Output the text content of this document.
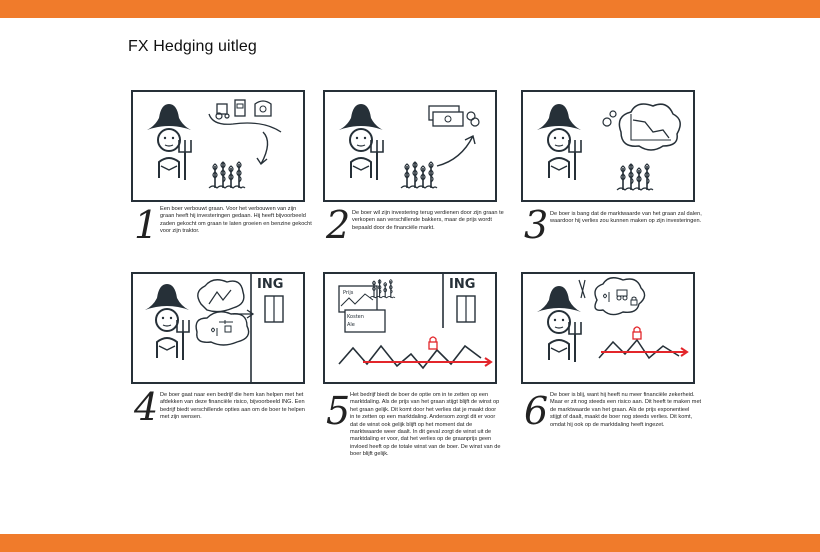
FX Hedging uitleg
1 Een boer verbouwt graan. Voor het verbouwen van zijn graan heeft hij investeringen gedaan. Hij heeft bijvoorbeeld zaden gekocht om graan te laten groeien en benzine gekocht voor zijn traktor.	2 De boer wil zijn investering terug verdienen door zijn graan te verkopen aan verschillende bakkers, maar de prijs wordt bepaald door de financiële markt.	3 De boer is bang dat de marktwaarde van het graan zal dalen, waardoor hij verlies zou kunnen maken op zijn investeringen.
ING
4 De boer gaat naar een bedrijf die hem kan helpen met het afdekken van deze financiële risico, bijvoorbeeld ING. Een bedrijf biedt verschillende opties aan om de boer te helpen met zijn wensen.
Prijs
Kosten
Ale
ING
5 Het bedrijf biedt de boer de optie om in te zetten op een marktdaling. Als de prijs van het graan stijgt blijft de winst op het graan gelijk. Dit komt door het verlies dat je maakt door in te zetten op een marktdaling. Andersom zorgt dit er voor dat de winst ook gelijk blijft op het moment dat de marktwaarde weer daalt. In dit geval zorgt de winst uit de marktdaling er voor, dat het verlies op de graanprijs geen invloed heeft op de totale winst van de boer. De winst van de boer blijft gelijk.
6 De boer is blij, want hij heeft nu meer financiële zekerheid. Maar er zit nog steeds een risico aan. Dit heeft te maken met de marktwaarde van het graan. Als de prijs exponentieel stijgt of daalt, maakt de boer nog steeds verlies. Dit komt, omdat hij ook op de marktdaling heeft ingezet.
